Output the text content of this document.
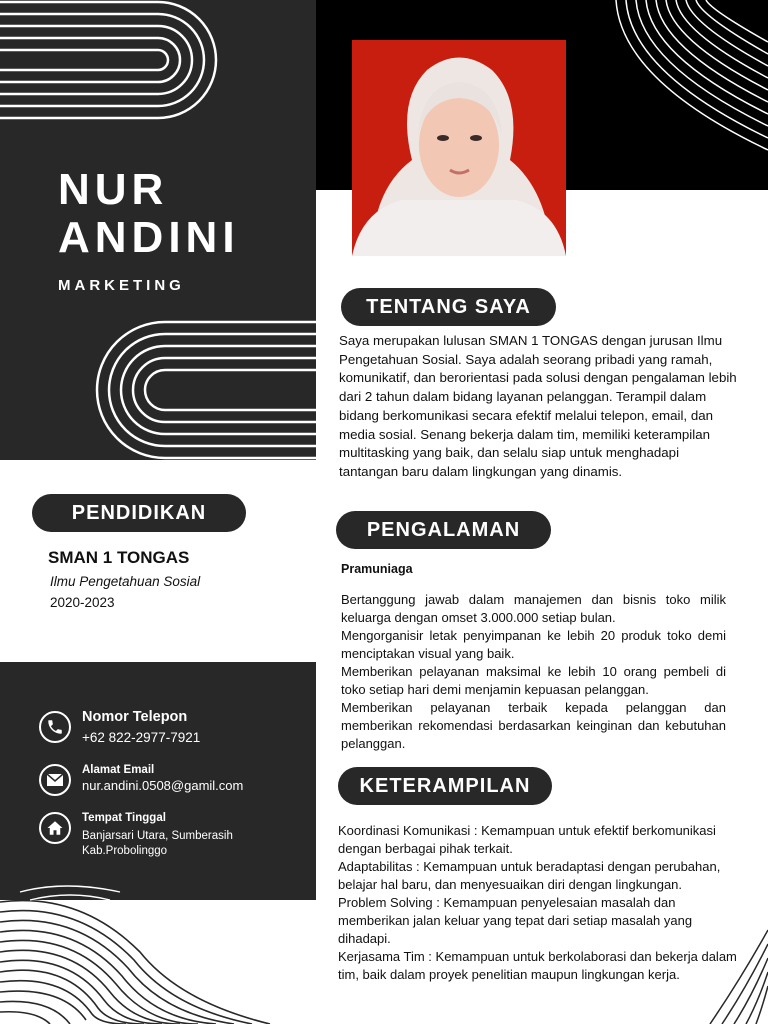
NUR
ANDINI
MARKETING
TENTANG SAYA
Saya merupakan lulusan SMAN 1 TONGAS dengan jurusan Ilmu Pengetahuan Sosial. Saya adalah seorang pribadi yang ramah, komunikatif, dan berorientasi pada solusi dengan pengalaman lebih dari 2 tahun dalam bidang layanan pelanggan. Terampil dalam bidang berkomunikasi secara efektif melalui telepon, email, dan media sosial. Senang bekerja dalam tim, memiliki keterampilan multitasking yang baik, dan selalu siap untuk menghadapi tantangan baru dalam lingkungan yang dinamis.
PENDIDIKAN
SMAN 1 TONGAS
Ilmu Pengetahuan Sosial
2020-2023
PENGALAMAN
Pramuniaga

Bertanggung jawab dalam manajemen dan bisnis toko milik keluarga dengan omset 3.000.000 setiap bulan.

Mengorganisir letak penyimpanan ke lebih 20 produk toko demi menciptakan visual yang baik.

Memberikan pelayanan maksimal ke lebih 10 orang pembeli di toko setiap hari demi menjamin kepuasan pelanggan.

Memberikan pelayanan terbaik kepada pelanggan dan memberikan rekomendasi berdasarkan keinginan dan kebutuhan pelanggan.

KETERAMPILAN

Koordinasi Komunikasi : Kemampuan untuk efektif berkomunikasi dengan berbagai pihak terkait.

Adaptabilitas : Kemampuan untuk beradaptasi dengan perubahan, belajar hal baru, dan menyesuaikan diri dengan lingkungan.

Problem Solving : Kemampuan penyelesaian masalah dan memberikan jalan keluar yang tepat dari setiap masalah yang dihadapi.

Kerjasama Tim : Kemampuan untuk berkolaborasi dan bekerja dalam tim, baik dalam proyek penelitian maupun lingkungan kerja.

Nomor Telepon
+62 822-2977-7921
Alamat Email
nur.andini.0508@gamil.com
Tempat Tinggal
Banjarsari Utara, Sumberasih
Kab.Probolinggo
